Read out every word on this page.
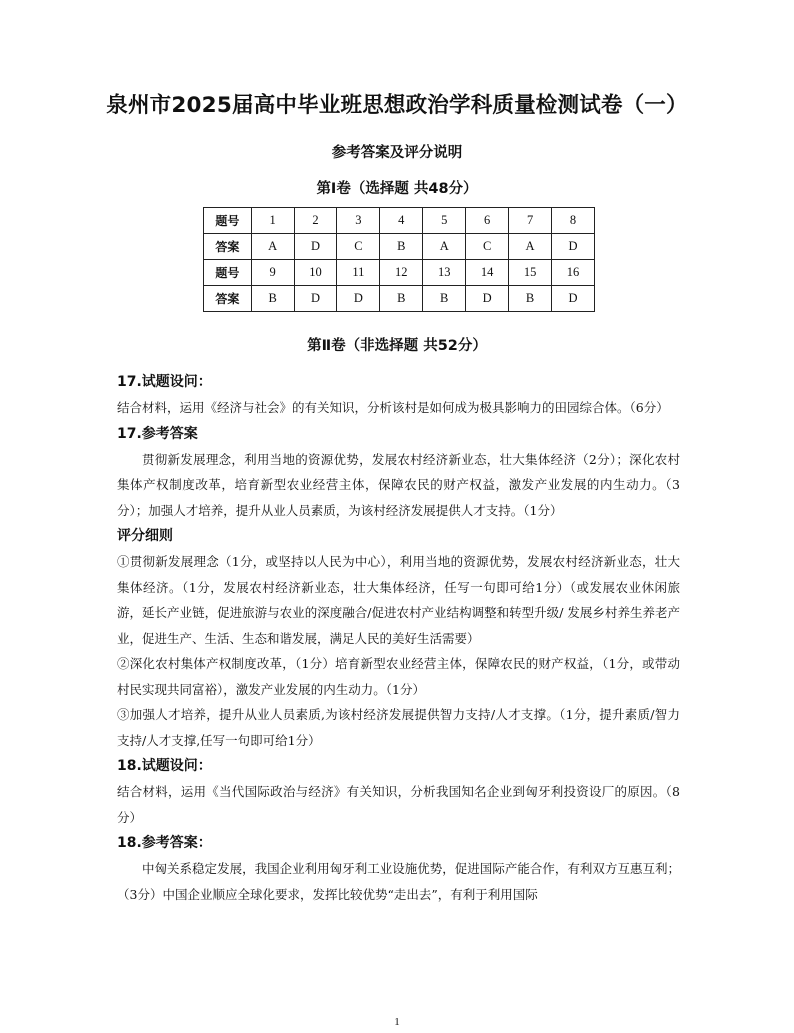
泉州市2025届高中毕业班思想政治学科质量检测试卷（一）
参考答案及评分说明
第Ⅰ卷（选择题 共48分）
题号	1	2	3	4	5	6	7	8
答案	A	D	C	B	A	C	A	D
题号	9	10	11	12	13	14	15	16
答案	B	D	D	B	B	D	B	D
第Ⅱ卷（非选择题 共52分）

17.试题设问：

结合材料，运用《经济与社会》的有关知识，分析该村是如何成为极具影响力的田园综合体。（6分）

17.参考答案

贯彻新发展理念，利用当地的资源优势，发展农村经济新业态，壮大集体经济（2分）；深化农村集体产权制度改革，培育新型农业经营主体，保障农民的财产权益，激发产业发展的内生动力。（3分）；加强人才培养，提升从业人员素质，为该村经济发展提供人才支持。（1分）

评分细则

①贯彻新发展理念（1分，或坚持以人民为中心），利用当地的资源优势，发展农村经济新业态，壮大集体经济。（1分，发展农村经济新业态，壮大集体经济，任写一句即可给1分）（或发展农业休闲旅游，延长产业链，促进旅游与农业的深度融合/促进农村产业结构调整和转型升级/ 发展乡村养生养老产业，促进生产、生活、生态和谐发展，满足人民的美好生活需要）

②深化农村集体产权制度改革，（1分）培育新型农业经营主体，保障农民的财产权益，（1分，或带动村民实现共同富裕），激发产业发展的内生动力。（1分）

③加强人才培养，提升从业人员素质,为该村经济发展提供智力支持/人才支撑。（1分，提升素质/智力支持/人才支撑,任写一句即可给1分）

18.试题设问：

结合材料，运用《当代国际政治与经济》有关知识，分析我国知名企业到匈牙利投资设厂的原因。（8分）

18.参考答案：

中匈关系稳定发展，我国企业利用匈牙利工业设施优势，促进国际产能合作，有利双方互惠互利；（3分）中国企业顺应全球化要求，发挥比较优势“走出去”，有利于利用国际

1
